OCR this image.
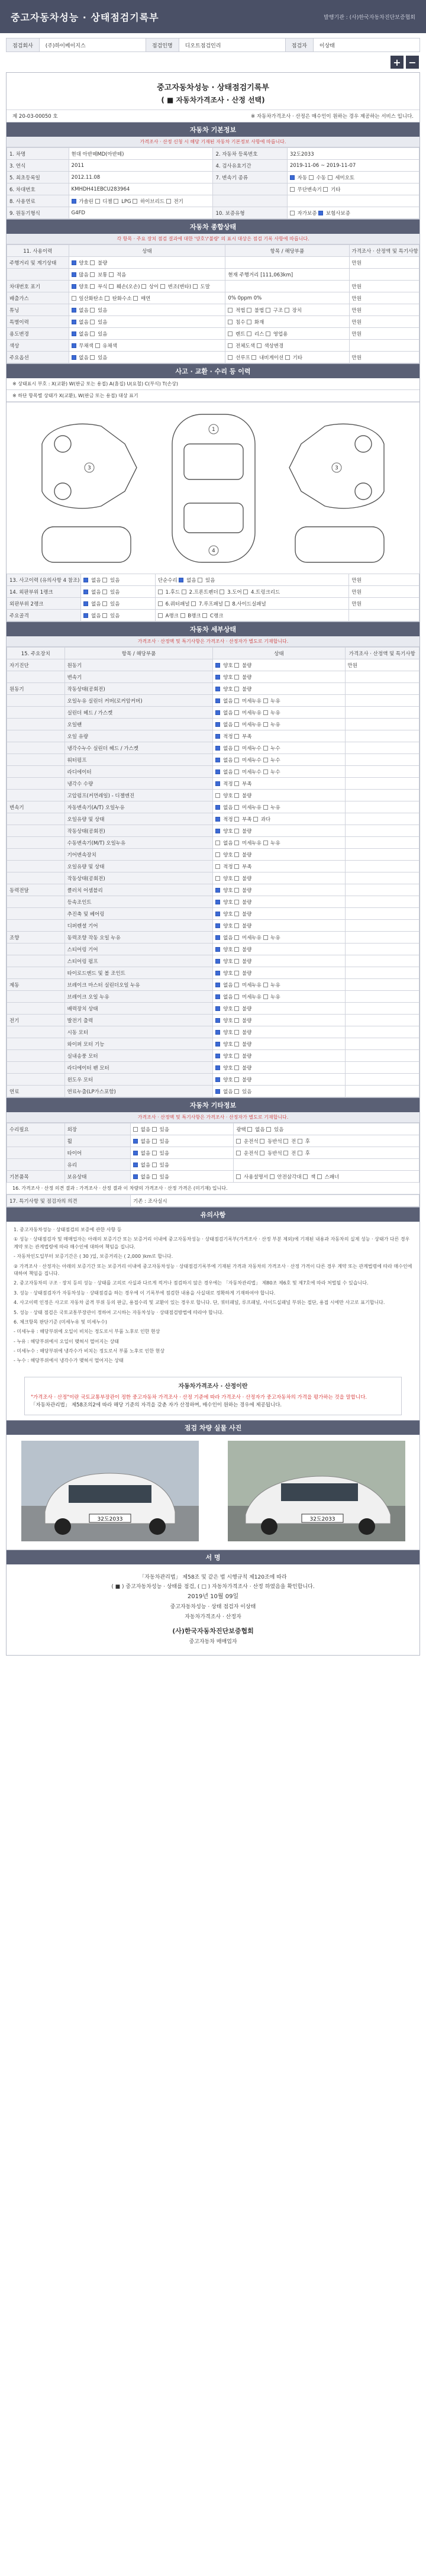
중고자동차성능 · 상태점검기록부	발행기관 : (사)한국자동차진단보증협회
점검회사	(주)하이베이지스	점검인명	디오트점검인리	점검자	이상태
+ −
중고자동차성능 · 상태점검기록부
( ■ 자동차가격조사 · 산정 선택)
제 20-03-00050 호	※ 자동차가격조사 · 산정은 매수인이 원하는 경우 제공하는 서비스 입니다.
자동차 기본정보
가격조사 · 산정 신청 시 해당 기재된 자동차 기본정보 사항에 따릅니다.
1. 차명	현대 아반떼MD(아반떼)	2. 자동차 등록번호	32도2033
3. 연식	2011	4. 검사유효기간	2019-11-06 ~ 2019-11-07
5. 최초등록일	2012.11.08	7. 변속기 종류	자동  수동  세미오토
6. 차대번호	KMHDH41EBCU283964		무단변속기  기타
8. 사용연료	가솔린  디젤  LPG  하이브리드  전기		
9. 원동기형식	G4FD	10. 보증유형	자가보증  보험사보증
자동차 종합상태
각 항목 · 주요 장치 점검 결과에 대한 '양호'/'불량' 의 표시 대상은 점검 기록 사항에 따릅니다.
11. 사용이력	상태	항목 / 해당부품	가격조사 · 산정액 및 특기사항
주행거리 및 계기상태	양호  불량		만원
	많음  보통  적음	현재 주행거리 [111,063km]	
차대번호 표기	양호  부식  훼손(오손)  상이  변조(변타)  도말		만원
배출가스	일산화탄소  탄화수소  매연	0% 0ppm 0%	만원
튜닝	없음  있음	적법  불법  구조  장치	만원
특별이력	없음  있음	침수  화재	만원
용도변경	없음  있음	렌트  리스  영업용	만원
색상	무채색  유채색	전체도색  색상변경	
주요옵션	없음  있음	선루프  내비게이션  기타	만원
사고 · 교환 · 수리 등 이력
※ 상태표시 부호 : X(교환) W(판금 또는 용접) A(흠집) U(요철) C(부식) T(손상)
※ 하단 항목별 상태가 X(교환), W(판금 또는 용접) 대상 표기
1
4
3	3
13. 사고이력 (유의사항 4 참조)	없음  있음	단순수리  없음  있음	만원
14. 외판부위 1랭크	없음  있음	1.후드  2.프론트펜더  3.도어  4.트렁크리드	만원
외판부위 2랭크	없음  있음	6.쿼터패널  7.루프패널  8.사이드실패널	만원
주요골격	없음  있음	A랭크  B랭크  C랭크	
자동차 세부상태
가격조사 · 산정액 및 특기사항은 가격조사 · 산정자가 별도로 기재합니다.
15. 주요장치	항목 / 해당부품	상태	가격조사 · 산정액 및 특기사항
자기진단	원동기	양호  불량	만원
	변속기	양호  불량	
원동기	작동상태(공회전)	양호  불량	
	오일누유 실린더 커버(로커암커버)	없음  미세누유  누유	
	실린더 헤드 / 가스켓	없음  미세누유  누유	
	오일팬	없음  미세누유  누유	
	오일 유량	적정  부족	
	냉각수누수 실린더 헤드 / 가스켓	없음  미세누수  누수	
	워터펌프	없음  미세누수  누수	
	라디에이터	없음  미세누수  누수	
	냉각수 수량	적정  부족	
	고압펌프(커먼레일) - 디젤엔진	양호  불량	
변속기	자동변속기(A/T) 오일누유	없음  미세누유  누유	
	오일유량 및 상태	적정  부족  과다	
	작동상태(공회전)	양호  불량	
	수동변속기(M/T) 오일누유	없음  미세누유  누유	
	기어변속장치	양호  불량	
	오일유량 및 상태	적정  부족	
	작동상태(공회전)	양호  불량	
동력전달	클러치 어셈블리	양호  불량	
	등속조인트	양호  불량	
	추진축 및 베어링	양호  불량	
	디퍼렌셜 기어	양호  불량	
조향	동력조향 작동 오일 누유	없음  미세누유  누유	
	스티어링 기어	양호  불량	
	스티어링 펌프	양호  불량	
	타이로드엔드 및 볼 조인트	양호  불량	
제동	브레이크 마스터 실린더오일 누유	없음  미세누유  누유	
	브레이크 오일 누유	없음  미세누유  누유	
	배력장치 상태	양호  불량	
전기	발전기 출력	양호  불량	
	시동 모터	양호  불량	
	와이퍼 모터 기능	양호  불량	
	실내송풍 모터	양호  불량	
	라디에이터 팬 모터	양호  불량	
	윈도우 모터	양호  불량	
연료	연료누출(LP가스포함)	없음  있음	
자동차 기타정보
가격조사 · 산정액 및 특기사항은 가격조사 · 산정자가 별도로 기재합니다.
수리필요	외장	없음  있음	광택  없음  있음
	휠	없음  있음	운전석  동반석  전  후
	타이어	없음  있음	운전석  동반석  전  후
	유리	없음  있음	
기본품목	보유상태	없음  있음	사용설명서  안전삼각대  잭  스패너
16. 가격조사 · 산정 의견 결과 : 가격조사 · 산정 결과 이 차량의 가격조사 · 산정 가격은 (미기재) 입니다.
17. 특기사항 및 점검자의 의견	기존 : 조사실시
유의사항

1. 중고자동차성능 · 상태점검의 보증에 관한 사항 등

① 성능 · 상태점검자 및 매매업자는 아래의 보증기간 또는 보증거리 이내에 중고자동차성능 · 상태점검기록부(가격조사 · 산정 부분 제외)에 기재된 내용과 자동차의 실제 성능 · 상태가 다른 경우 계약 또는 관계법령에 따라 매수인에 대하여 책임을 집니다.

- 자동차인도일부터 보증기간은 ( 30 )일, 보증거리는 ( 2,000 )km로 합니다.

② 가격조사 · 산정자는 아래의 보증기간 또는 보증거리 이내에 중고자동차성능 · 상태점검기록부에 기재된 가격과 자동차의 가격조사 · 산정 가격이 다른 경우 계약 또는 관계법령에 따라 매수인에 대하여 책임을 집니다.

2. 중고자동차의 구조 · 장치 등의 성능 · 상태를 고의로 사실과 다르게 적거나 점검하지 않은 경우에는 「자동차관리법」 제80조 제6호 및 제7호에 따라 처벌될 수 있습니다.

3. 성능 · 상태점검자가 자동차성능 · 상태점검을 하는 경우에 이 기록부에 점검한 내용을 사실대로 정확하게 기재하여야 합니다.

4. 사고이력 인정은 사고로 자동차 골격 부위 등의 판금, 용접수리 및 교환이 있는 경우로 합니다. 단, 쿼터패널, 루프패널, 사이드실패널 부위는 절단, 용접 시에만 사고로 표기합니다.

5. 성능 · 상태 점검은 국토교통부장관이 정하여 고시하는 자동차성능 · 상태점검방법에 따라야 합니다.

6. 체크항목 판단기준 (미세누유 및 미세누수)

- 미세누유 : 해당부위에 오일이 비치는 정도로서 부품 노후로 인한 현상

- 누유 : 해당부위에서 오일이 맺혀서 떨어지는 상태

- 미세누수 : 해당부위에 냉각수가 비치는 정도로서 부품 노후로 인한 현상

- 누수 : 해당부위에서 냉각수가 맺혀서 떨어지는 상태

자동차가격조사 · 산정이란

"가격조사 · 산정"이란 국토교통부장관이 정한 중고자동차 가격조사 · 산정 기준에 따라 가격조사 · 산정자가 중고자동차의 가격을 평가하는 것을 말합니다.

「자동차관리법」 제58조의2에 따라 해당 기준의 자격을 갖춘 자가 산정하며, 매수인이 원하는 경우에 제공됩니다.

점검 차량 실물 사진
32도2033	32도2033
서 명
「자동차관리법」 제58조 및 같은 법 시행규칙 제120조에 따라
( ■ ) 중고자동차성능 · 상태를 점검, ( □ ) 자동차가격조사 · 산정 하였음을 확인합니다.
2019년 10월 09일
중고자동차성능 · 상태 점검자 이상태
자동차가격조사 · 산정자
(사)한국자동차진단보증협회
중고자동차 매매업자
